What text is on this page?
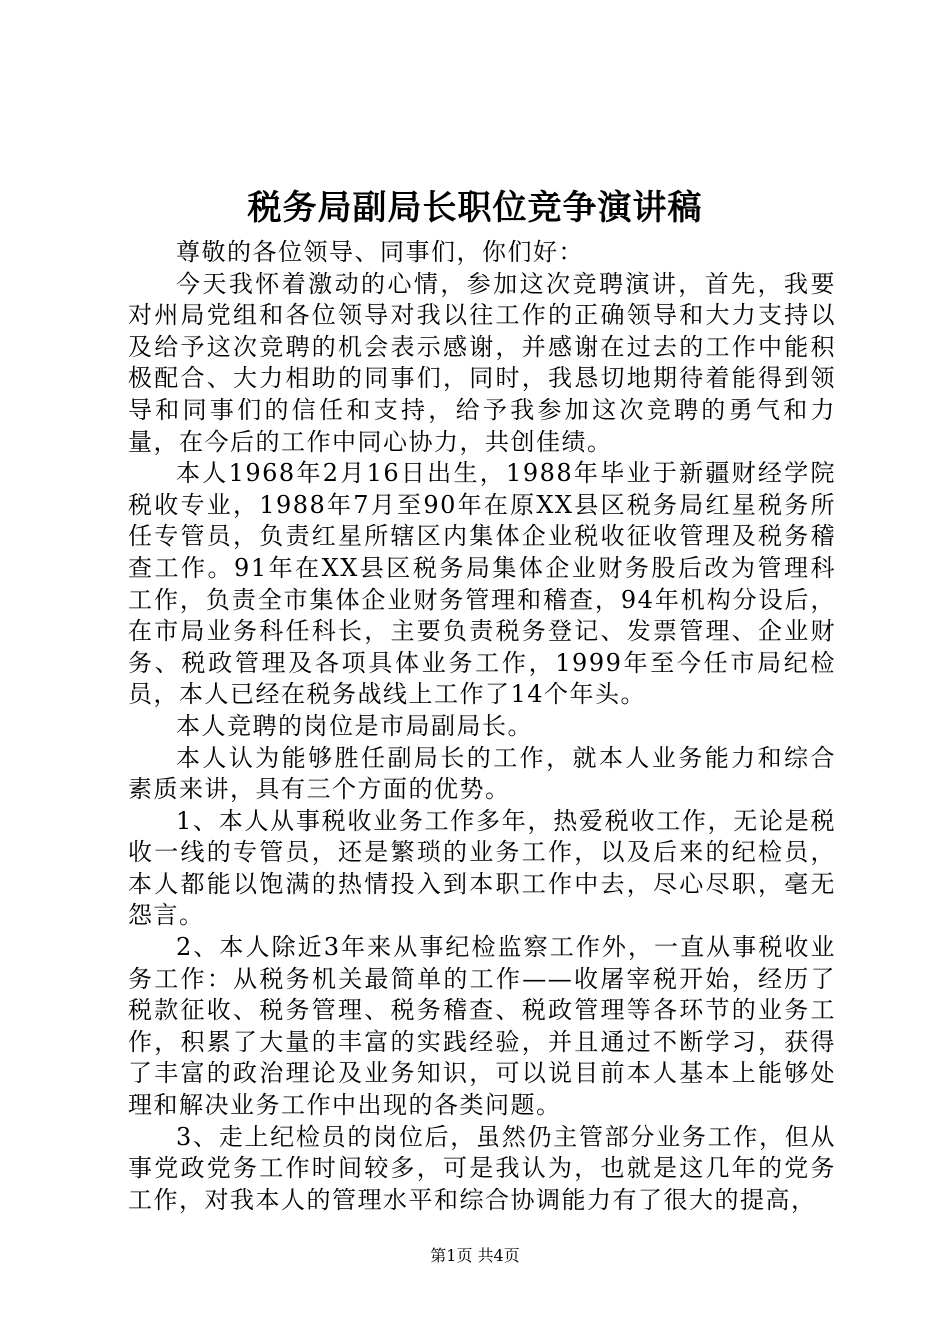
税务局副局长职位竞争演讲稿

尊敬的各位领导、同事们，你们好：

今天我怀着激动的心情，参加这次竞聘演讲，首先，我要对州局党组和各位领导对我以往工作的正确领导和大力支持以及给予这次竞聘的机会表示感谢，并感谢在过去的工作中能积极配合、大力相助的同事们，同时，我恳切地期待着能得到领导和同事们的信任和支持，给予我参加这次竞聘的勇气和力量，在今后的工作中同心协力，共创佳绩。

本人1968年2月16日出生，1988年毕业于新疆财经学院税收专业，1988年7月至90年在原XX县区税务局红星税务所任专管员，负责红星所辖区内集体企业税收征收管理及税务稽查工作。91年在XX县区税务局集体企业财务股后改为管理科工作，负责全市集体企业财务管理和稽查，94年机构分设后，在市局业务科任科长，主要负责税务登记、发票管理、企业财务、税政管理及各项具体业务工作，1999年至今任市局纪检员，本人已经在税务战线上工作了14个年头。

本人竞聘的岗位是市局副局长。

本人认为能够胜任副局长的工作，就本人业务能力和综合素质来讲，具有三个方面的优势。

1、本人从事税收业务工作多年，热爱税收工作，无论是税收一线的专管员，还是繁琐的业务工作，以及后来的纪检员，本人都能以饱满的热情投入到本职工作中去，尽心尽职，毫无怨言。

2、本人除近3年来从事纪检监察工作外，一直从事税收业务工作：从税务机关最简单的工作——收屠宰税开始，经历了税款征收、税务管理、税务稽查、税政管理等各环节的业务工作，积累了大量的丰富的实践经验，并且通过不断学习，获得了丰富的政治理论及业务知识，可以说目前本人基本上能够处理和解决业务工作中出现的各类问题。

3、走上纪检员的岗位后，虽然仍主管部分业务工作，但从事党政党务工作时间较多，可是我认为，也就是这几年的党务工作，对我本人的管理水平和综合协调能力有了很大的提高，

第1页 共4页
